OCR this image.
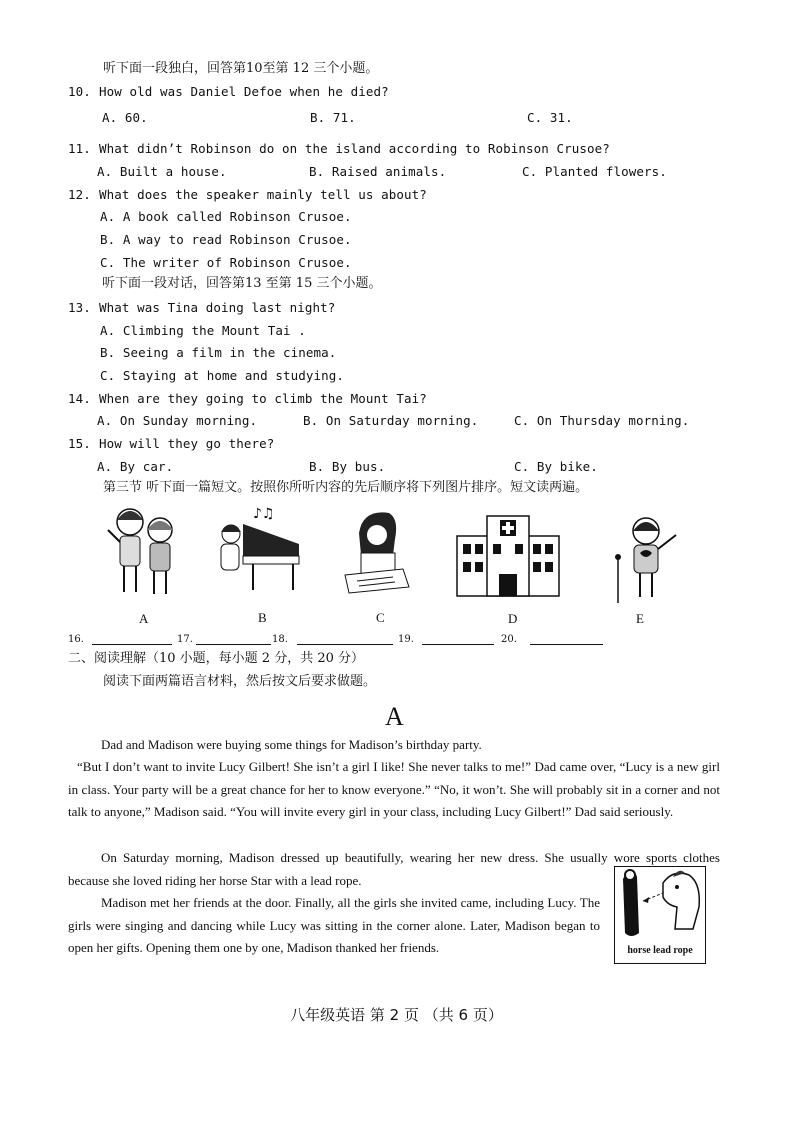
听下面一段独白，回答第10至第 12 三个小题。
10. How old was Daniel Defoe when he died?
A. 60.	B. 71.	C. 31.
11. What didn’t Robinson do on the island according to Robinson Crusoe?
A. Built a house.	B. Raised animals.	C. Planted flowers.
12. What does the speaker mainly tell us about?
A. A book called Robinson Crusoe.
B. A way to read Robinson Crusoe.
C. The writer of Robinson Crusoe.
听下面一段对话，回答第13 至第 15 三个小题。
13. What was Tina doing last night?
A. Climbing the Mount Tai .
B. Seeing a film in the cinema.
C. Staying at home and studying.
14. When are they going to climb the Mount Tai?
A. On Sunday morning.	B. On Saturday morning.	C. On Thursday morning.
15. How will they go there?
A. By car.	B. By bus.	C. By bike.
第三节 听下面一篇短文。按照你所听内容的先后顺序将下列图片排序。短文读两遍。
♪♫
A	B	C	D	E
16.	17.	18.	19.	20.
二、阅读理解（10 小题，每小题 2 分，共 20 分）
阅读下面两篇语言材料，然后按文后要求做题。
A
Dad and Madison were buying some things for Madison’s birthday party.
“But I don’t want to invite Lucy Gilbert! She isn’t a girl I like! She never talks to me!” Dad came over, “Lucy is a new girl in class. Your party will be a great chance for her to know everyone.” “No, it won’t. She will probably sit in a corner and not talk to anyone,” Madison said. “You will invite every girl in your class, including Lucy Gilbert!” Dad said seriously.
On Saturday morning, Madison dressed up beautifully, wearing her new dress. She usually wore sports clothes because she loved riding her horse Star with a lead rope.
Madison met her friends at the door. Finally, all the girls she invited came, including Lucy. The girls were singing and dancing while Lucy was sitting in the corner alone. Later, Madison began to open her gifts. Opening them one by one, Madison thanked her friends.	horse lead rope
八年级英语 第 2 页 （共 6 页）
